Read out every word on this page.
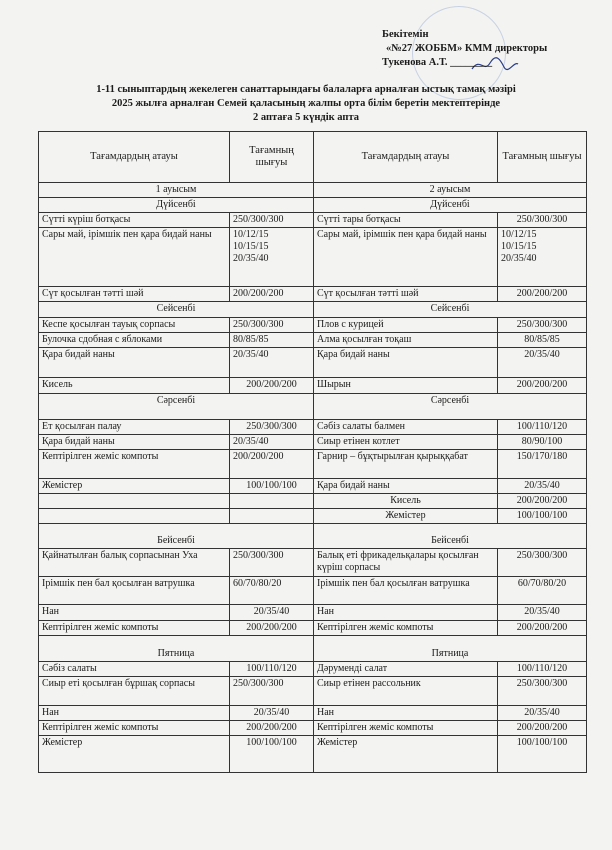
Бекітемін
«№27 ЖОББМ» КММ директоры
Тукенова А.Т. ________
1-11 сыныптардың жекелеген санаттарындағы балаларға арналған ыстық тамақ мәзірі
2025 жылға арналған Семей қаласының жалпы орта білім беретін мектептерінде
2 аптаға 5 күндік апта
Тағамдардың атауы	Тағамның шығуы	Тағамдардың атауы	Тағамның шығуы
1 ауысым		2 ауысым	
Дүйсенбі		Дүйсенбі	
Сүтті күріш ботқасы	250/300/300	Сүтті тары ботқасы	250/300/300
Сары май, ірімшік пен қара бидай наны	10/12/15
10/15/15
20/35/40	Сары май, ірімшік пен қара бидай наны	10/12/15
10/15/15
20/35/40
Сүт қосылған тәтті шәй	200/200/200	Сүт қосылған тәтті шәй	200/200/200
Сейсенбі		Сейсенбі	
Кеспе қосылған тауық сорпасы	250/300/300	Плов с курицей	250/300/300
Булочка сдобная с яблоками	80/85/85	Алма қосылған тоқаш	80/85/85
Қара бидай наны	20/35/40	Қара бидай наны	20/35/40
Кисель	200/200/200	Шырын	200/200/200
Сәрсенбі		Сәрсенбі	
Ет қосылған палау	250/300/300	Сәбіз салаты балмен	100/110/120
Қара бидай наны	20/35/40	Сиыр етінен котлет	80/90/100
Кептірілген жеміс компоты	200/200/200	Гарнир – бұқтырылған қырыққабат	150/170/180
Жемістер	100/100/100	Қара бидай наны	20/35/40
		Кисель	200/200/200
		Жемістер	100/100/100
Бейсенбі		Бейсенбі	
Қайнатылған балық сорпасынан Уха	250/300/300	Балық еті фрикадельқалары қосылған күріш сорпасы	250/300/300
Ірімшік пен бал қосылған ватрушка	60/70/80/20	Ірімшік пен бал қосылған ватрушка	60/70/80/20
Нан	20/35/40	Нан	20/35/40
Кептірілген жеміс компоты	200/200/200	Кептірілген жеміс компоты	200/200/200
Пятница		Пятница	
Сәбіз салаты	100/110/120	Дәрумендi салат	100/110/120
Сиыр еті қосылған бұршақ сорпасы	250/300/300	Сиыр етінен рассольник	250/300/300
Нан	20/35/40	Нан	20/35/40
Кептірілген жеміс компоты	200/200/200	Кептірілген жеміс компоты	200/200/200
Жемістер	100/100/100	Жемістер	100/100/100
